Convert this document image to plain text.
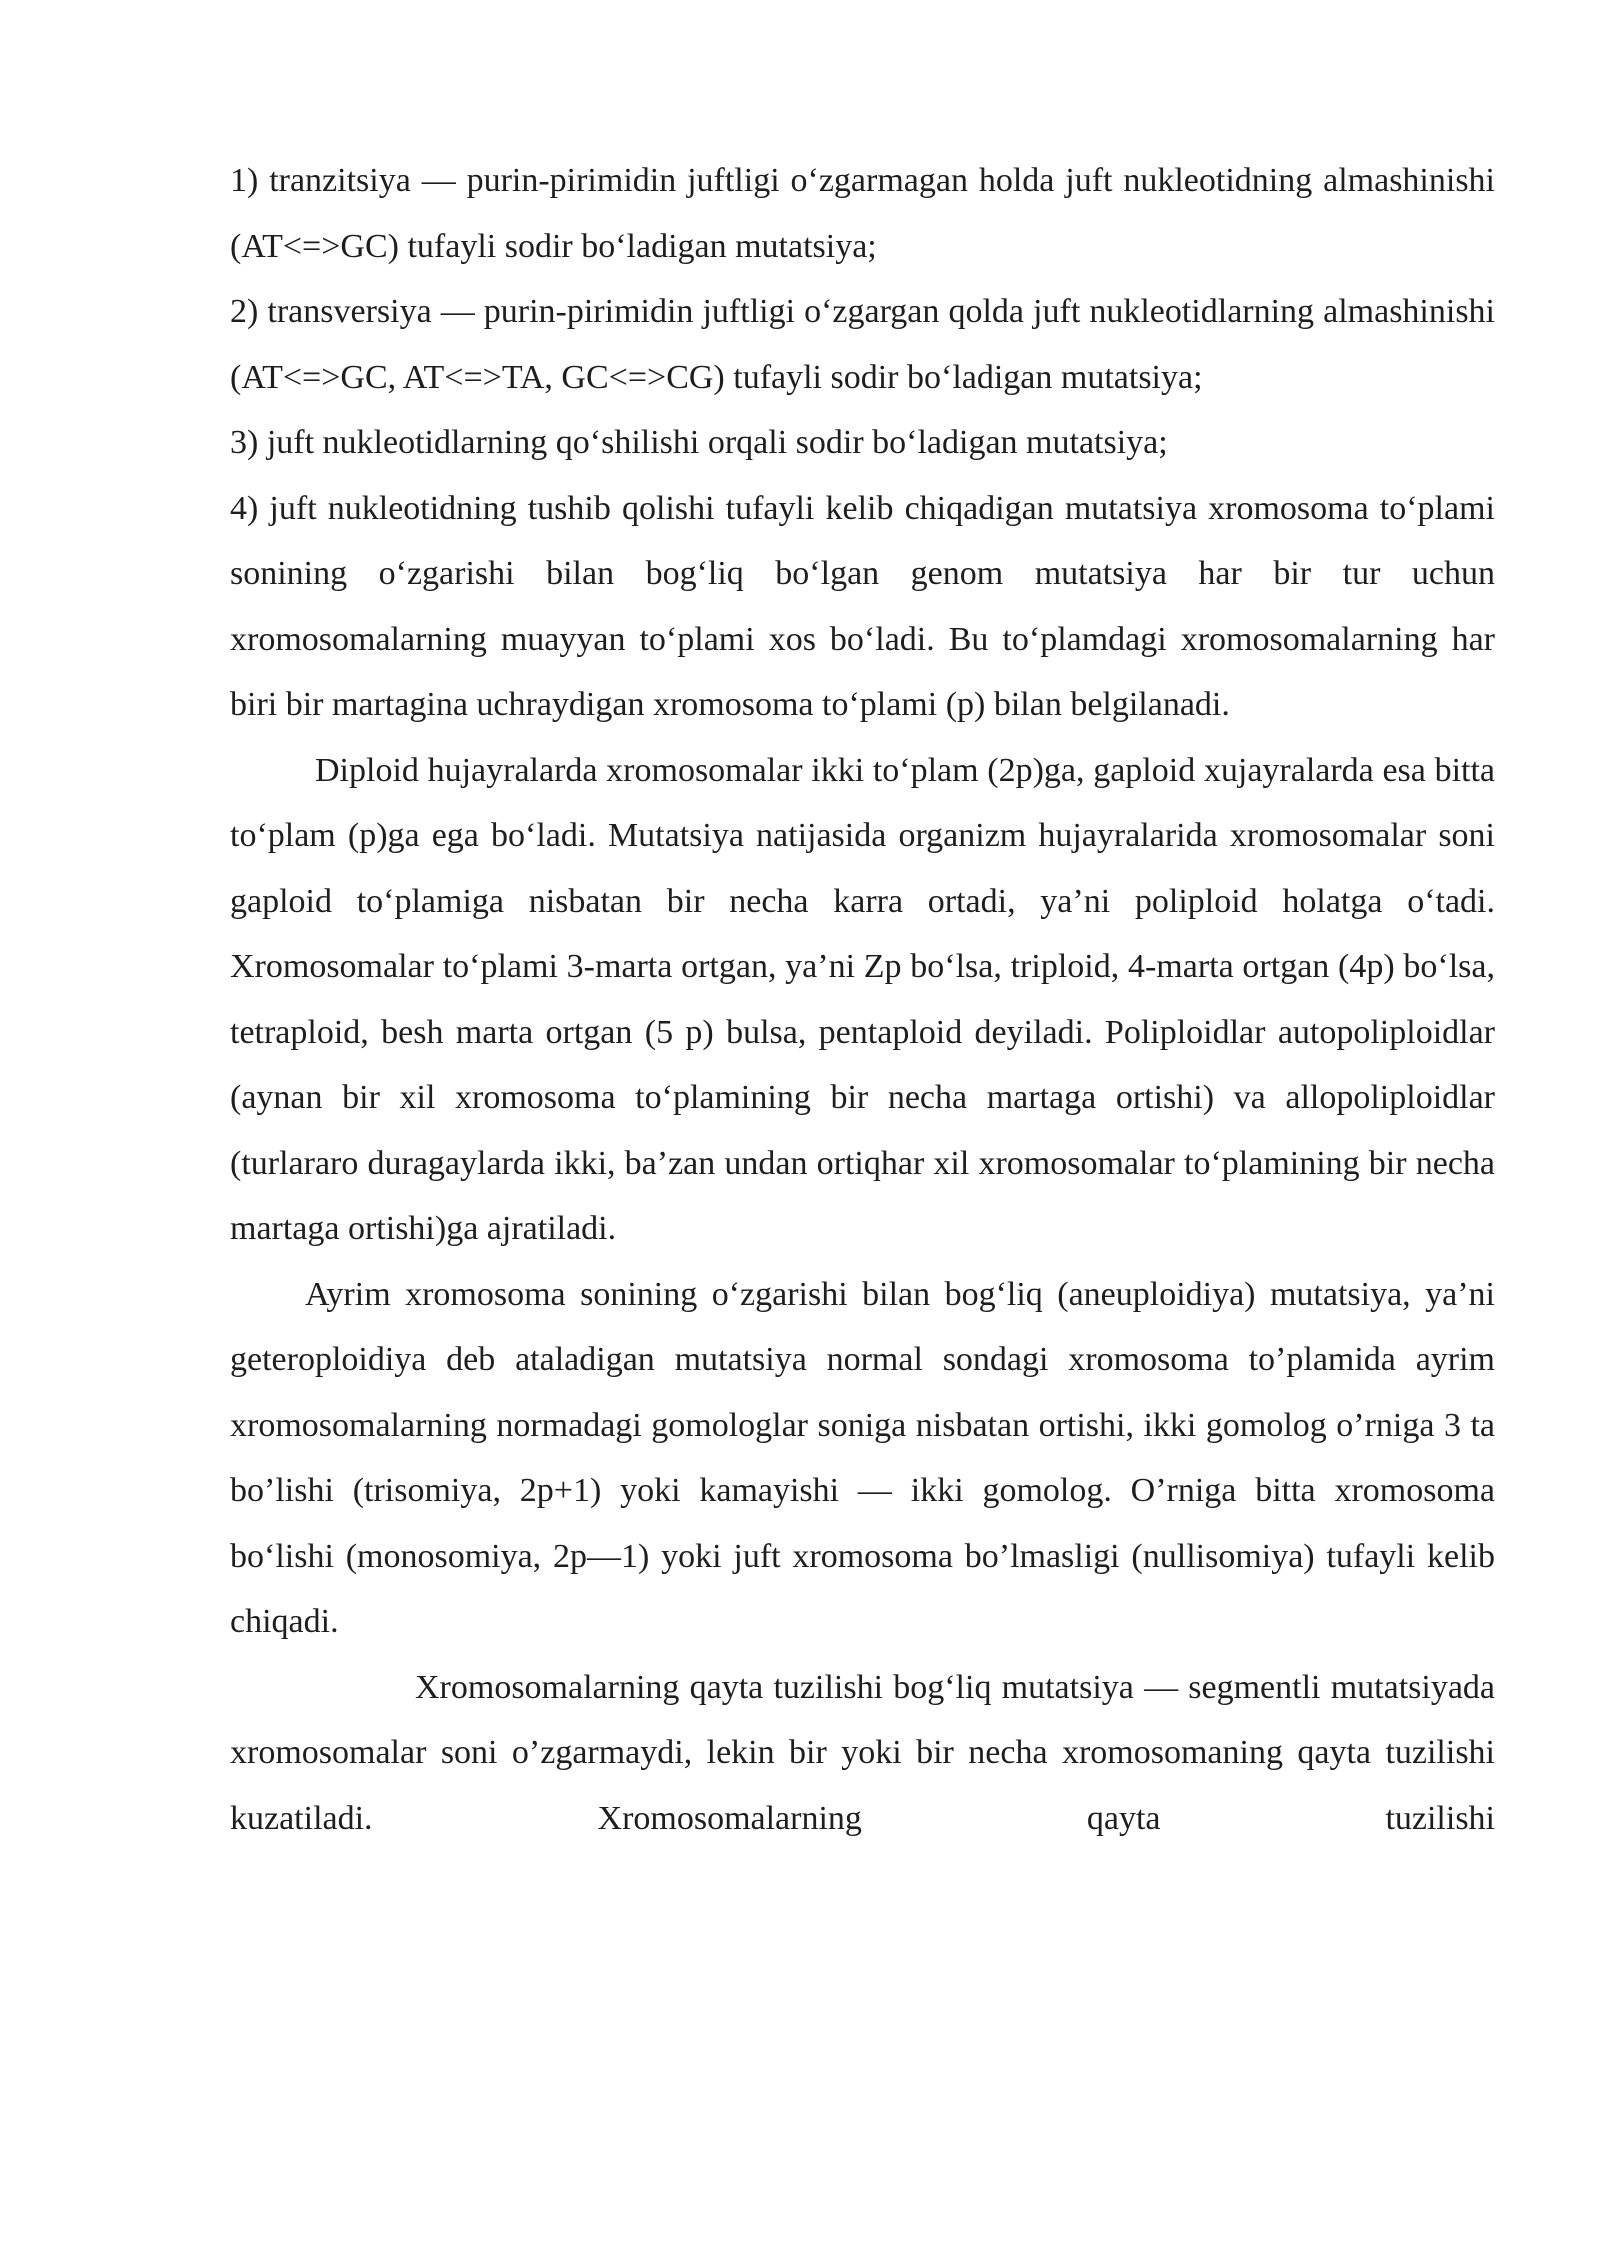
1) tranzitsiya — purin-pirimidin juftligi o‘zgarmagan holda juft nukleotidning almashinishi (AT<=>GC) tufayli sodir bo‘ladigan mutatsiya;

2) transversiya — purin-pirimidin juftligi o‘zgargan qolda juft nukleotidlarning almashinishi (AT<=>GC, AT<=>TA, GC<=>CG) tufayli sodir bo‘ladigan mutatsiya;

3) juft nukleotidlarning qo‘shilishi orqali sodir bo‘ladigan mutatsiya;

4) juft nukleotidning tushib qolishi tufayli kelib chiqadigan mutatsiya xromosoma to‘plami sonining o‘zgarishi bilan bog‘liq bo‘lgan genom mutatsiya har bir tur uchun xromosomalarning muayyan to‘plami xos bo‘ladi. Bu to‘plamdagi xromosomalarning har biri bir martagina uchraydigan xromosoma to‘plami (p) bilan belgilanadi.

Diploid hujayralarda xromosomalar ikki to‘plam (2p)ga, gaploid xujayralarda esa bitta to‘plam (p)ga ega bo‘ladi. Mutatsiya natijasida organizm hujayralarida xromosomalar soni gaploid to‘plamiga nisbatan bir necha karra ortadi, ya’ni poliploid holatga o‘tadi. Xromosomalar to‘plami 3-marta ortgan, ya’ni Zp bo‘lsa, triploid, 4-marta ortgan (4p) bo‘lsa, tetraploid, besh marta ortgan (5 p) bulsa, pentaploid deyiladi. Poliploidlar autopoliploidlar (aynan bir xil xromosoma to‘plamining bir necha martaga ortishi) va allopoliploidlar (turlararo duragaylarda ikki, ba’zan undan ortiqhar xil xromosomalar to‘plamining bir necha martaga ortishi)ga ajratiladi.

Ayrim xromosoma sonining o‘zgarishi bilan bog‘liq (aneuploidiya) mutatsiya, ya’ni geteroploidiya deb ataladigan mutatsiya normal sondagi xromosoma to’plamida ayrim xromosomalarning normadagi gomologlar soniga nisbatan ortishi, ikki gomolog o’rniga 3 ta bo’lishi (trisomiya, 2p+1) yoki kamayishi — ikki gomolog. O’rniga bitta xromosoma bo‘lishi (monosomiya, 2p—1) yoki juft xromosoma bo’lmasligi (nullisomiya) tufayli kelib chiqadi.

Xromosomalarning qayta tuzilishi bog‘liq mutatsiya — segmentli mutatsiyada xromosomalar soni o’zgarmaydi, lekin bir yoki bir necha xromosomaning qayta tuzilishi kuzatiladi. Xromosomalarning qayta tuzilishi
